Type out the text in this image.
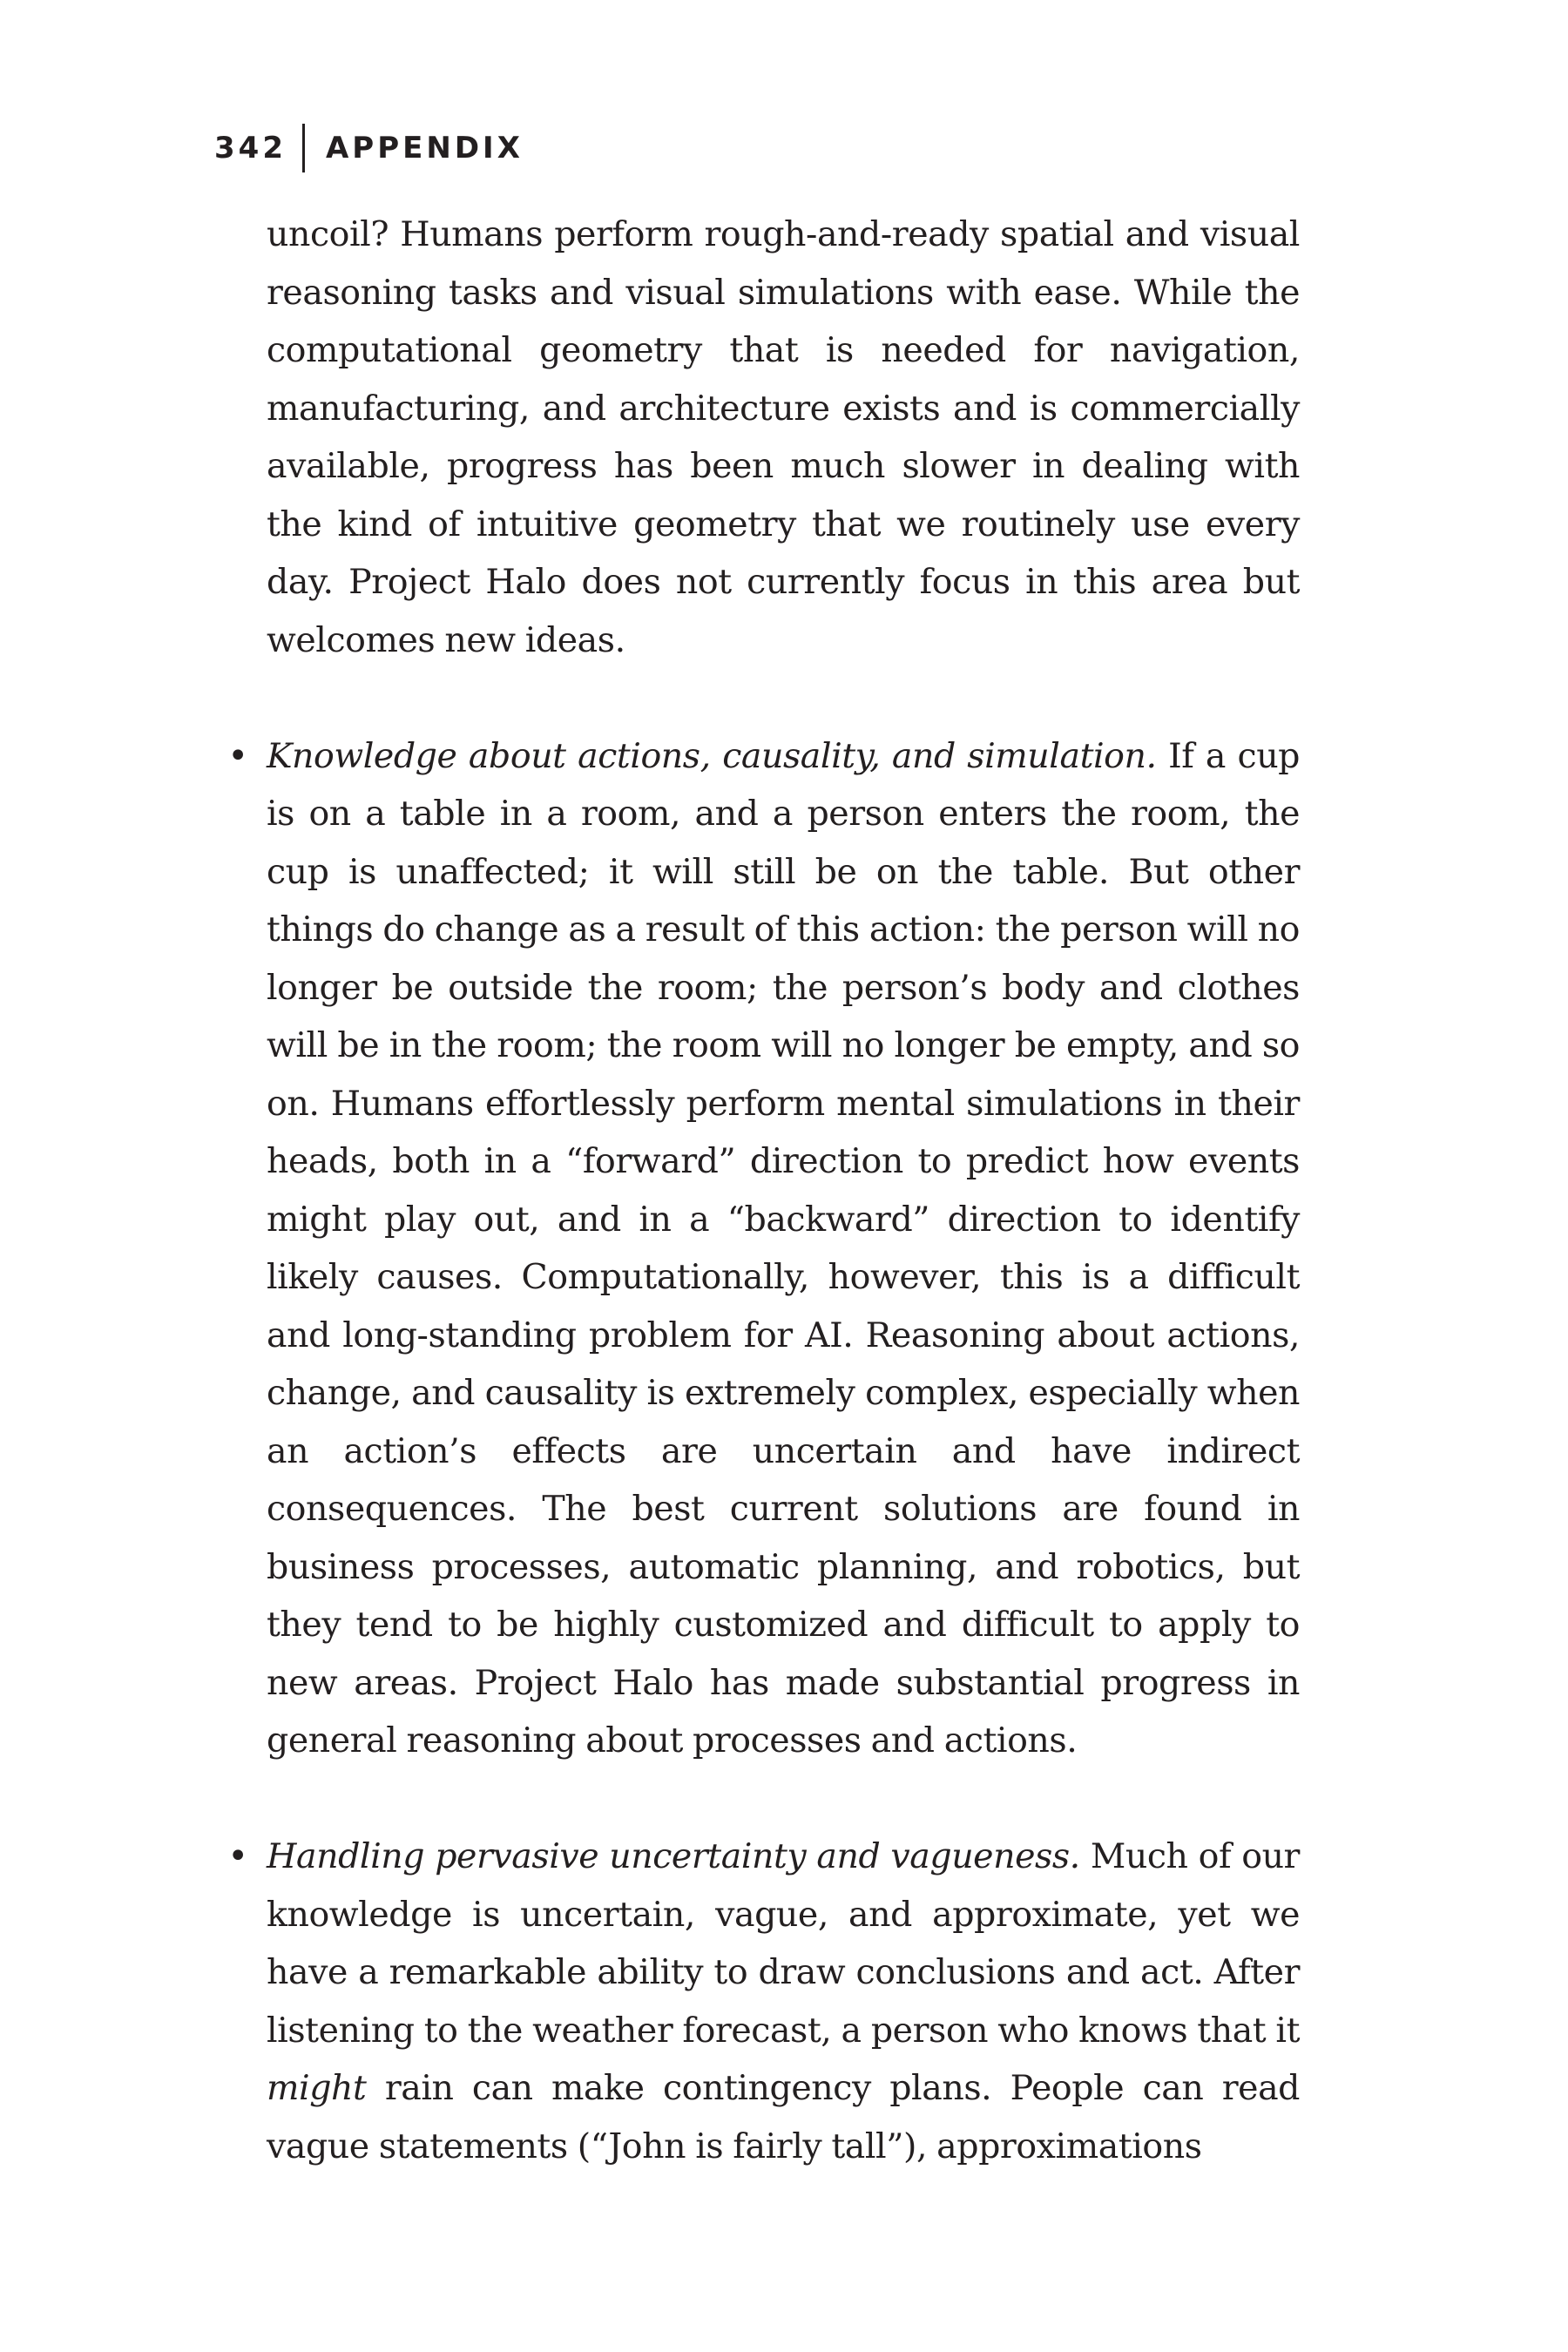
342	APPENDIX

uncoil? Humans perform rough-and-ready spatial and visual reasoning tasks and visual simulations with ease. While the computational geometry that is needed for navigation, manufacturing, and architecture exists and is commercially available, progress has been much slower in dealing with the kind of intuitive geometry that we routinely use every day. Project Halo does not currently focus in this area but welcomes new ideas.

• Knowledge about actions, causality, and simulation. If a cup is on a table in a room, and a person enters the room, the cup is unaffected; it will still be on the table. But other things do change as a result of this action: the person will no longer be outside the room; the person’s body and clothes will be in the room; the room will no longer be empty, and so on. Humans effortlessly perform mental simulations in their heads, both in a “forward” direction to predict how events might play out, and in a “backward” direction to identify likely causes. Computationally, however, this is a difficult and long-standing problem for AI. Reasoning about actions, change, and causality is extremely complex, especially when an action’s effects are uncertain and have indirect consequences. The best current solutions are found in business processes, automatic planning, and robotics, but they tend to be highly customized and difficult to apply to new areas. Project Halo has made substantial progress in general reasoning about processes and actions.

• Handling pervasive uncertainty and vagueness. Much of our knowledge is uncertain, vague, and approximate, yet we have a remarkable ability to draw conclusions and act. After listening to the weather forecast, a person who knows that it might rain can make contingency plans. People can read vague statements (“John is fairly tall”), approximations
